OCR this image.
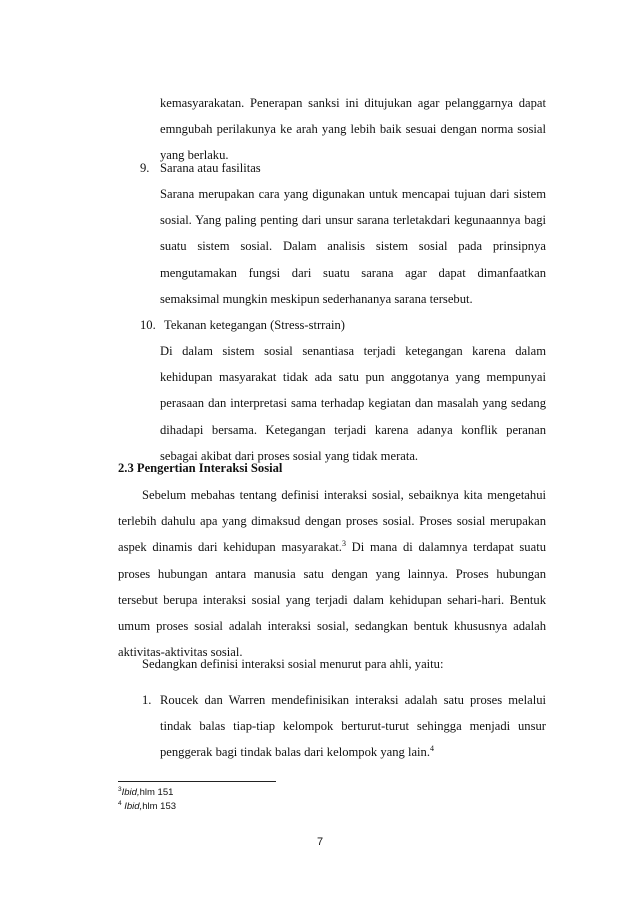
kemasyarakatan. Penerapan sanksi ini ditujukan agar pelanggarnya dapat emngubah perilakunya ke arah yang lebih baik sesuai dengan norma sosial yang berlaku.

9. Sarana atau fasilitas

Sarana merupakan cara yang digunakan untuk mencapai tujuan dari sistem sosial. Yang paling penting dari unsur sarana terletakdari kegunaannya bagi suatu sistem sosial. Dalam analisis sistem sosial pada prinsipnya mengutamakan fungsi dari suatu sarana agar dapat dimanfaatkan semaksimal mungkin meskipun sederhananya sarana tersebut.

10. Tekanan ketegangan (Stress-strrain)

Di dalam sistem sosial senantiasa terjadi ketegangan karena dalam kehidupan masyarakat tidak ada satu pun anggotanya yang mempunyai perasaan dan interpretasi sama terhadap kegiatan dan masalah yang sedang dihadapi bersama. Ketegangan terjadi karena adanya konflik peranan sebagai akibat dari proses sosial yang tidak merata.

2.3 Pengertian Interaksi Sosial

Sebelum mebahas tentang definisi interaksi sosial, sebaiknya kita mengetahui terlebih dahulu apa yang dimaksud dengan proses sosial. Proses sosial merupakan aspek dinamis dari kehidupan masyarakat.$^3$ Di mana di dalamnya terdapat suatu proses hubungan antara manusia satu dengan yang lainnya. Proses hubungan tersebut berupa interaksi sosial yang terjadi dalam kehidupan sehari-hari. Bentuk umum proses sosial adalah interaksi sosial, sedangkan bentuk khususnya adalah aktivitas-aktivitas sosial.

Sedangkan definisi interaksi sosial menurut para ahli, yaitu:

1. Roucek dan Warren mendefinisikan interaksi adalah satu proses melalui tindak balas tiap-tiap kelompok berturut-turut sehingga menjadi unsur penggerak bagi tindak balas dari kelompok yang lain.$^4$

$^3$Ibid,hlm 151

$^4$ Ibid,hlm 153

7
